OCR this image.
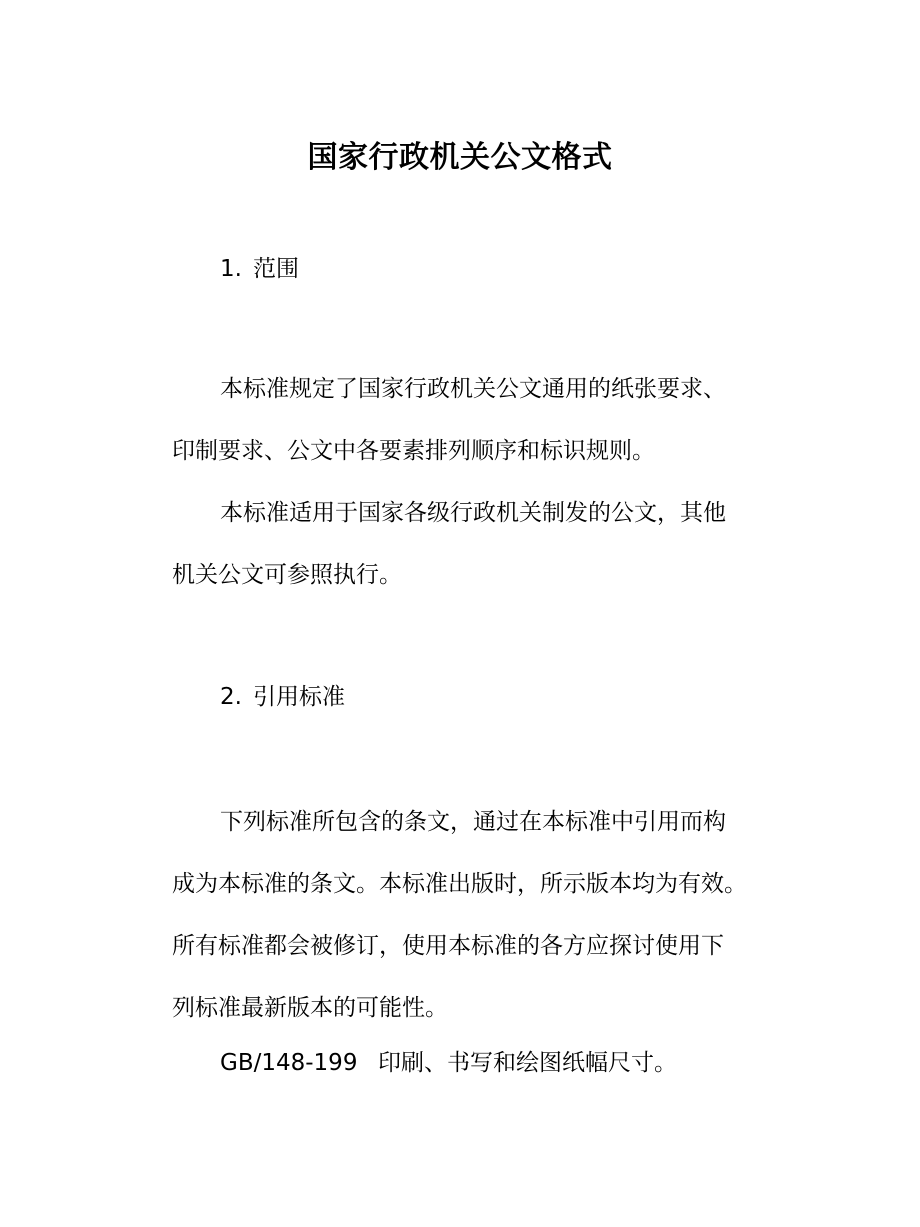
国家行政机关公文格式
1. 范围
本标准规定了国家行政机关公文通用的纸张要求、
印制要求、公文中各要素排列顺序和标识规则。
本标准适用于国家各级行政机关制发的公文，其他
机关公文可参照执行。
2. 引用标准
下列标准所包含的条文，通过在本标准中引用而构
成为本标准的条文。本标准出版时，所示版本均为有效。
所有标准都会被修订，使用本标准的各方应探讨使用下
列标准最新版本的可能性。
GB/148-199 印刷、书写和绘图纸幅尺寸。
